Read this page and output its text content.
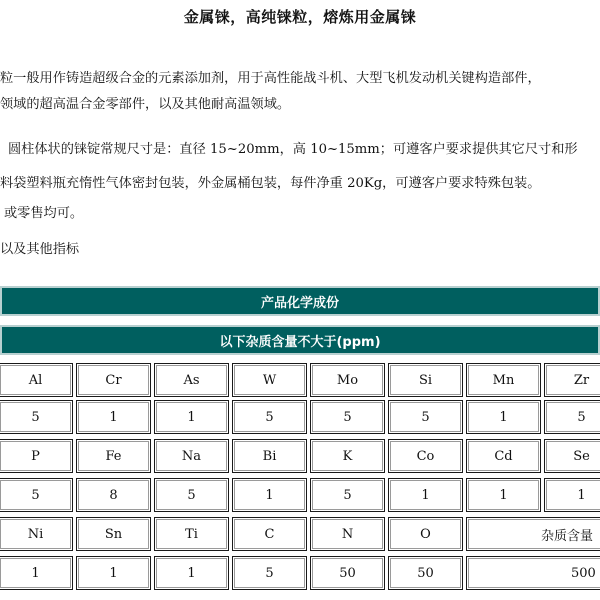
金属铼，高纯铼粒，熔炼用金属铼
粒一般用作铸造超级合金的元素添加剂，用于高性能战斗机、大型飞机发动机关键构造部件，
领域的超高温合金零部件，以及其他耐高温领域。
圆柱体状的铼锭常规尺寸是：直径 15~20mm，高 10~15mm；可遵客户要求提供其它尺寸和形
料袋塑料瓶充惰性气体密封包装，外金属桶包装，每件净重 20Kg，可遵客户要求特殊包装。
或零售均可。
以及其他指标
产品化学成份
以下杂质含量不大于(ppm)
Al	Cr	As	W	Mo	Si	Mn	Zr
5	1	1	5	5	5	1	5
P	Fe	Na	Bi	K	Co	Cd	Se
5	8	5	1	5	1	1	1
Ni	Sn	Ti	C	N	O	杂质含量
1	1	1	5	50	50	500
